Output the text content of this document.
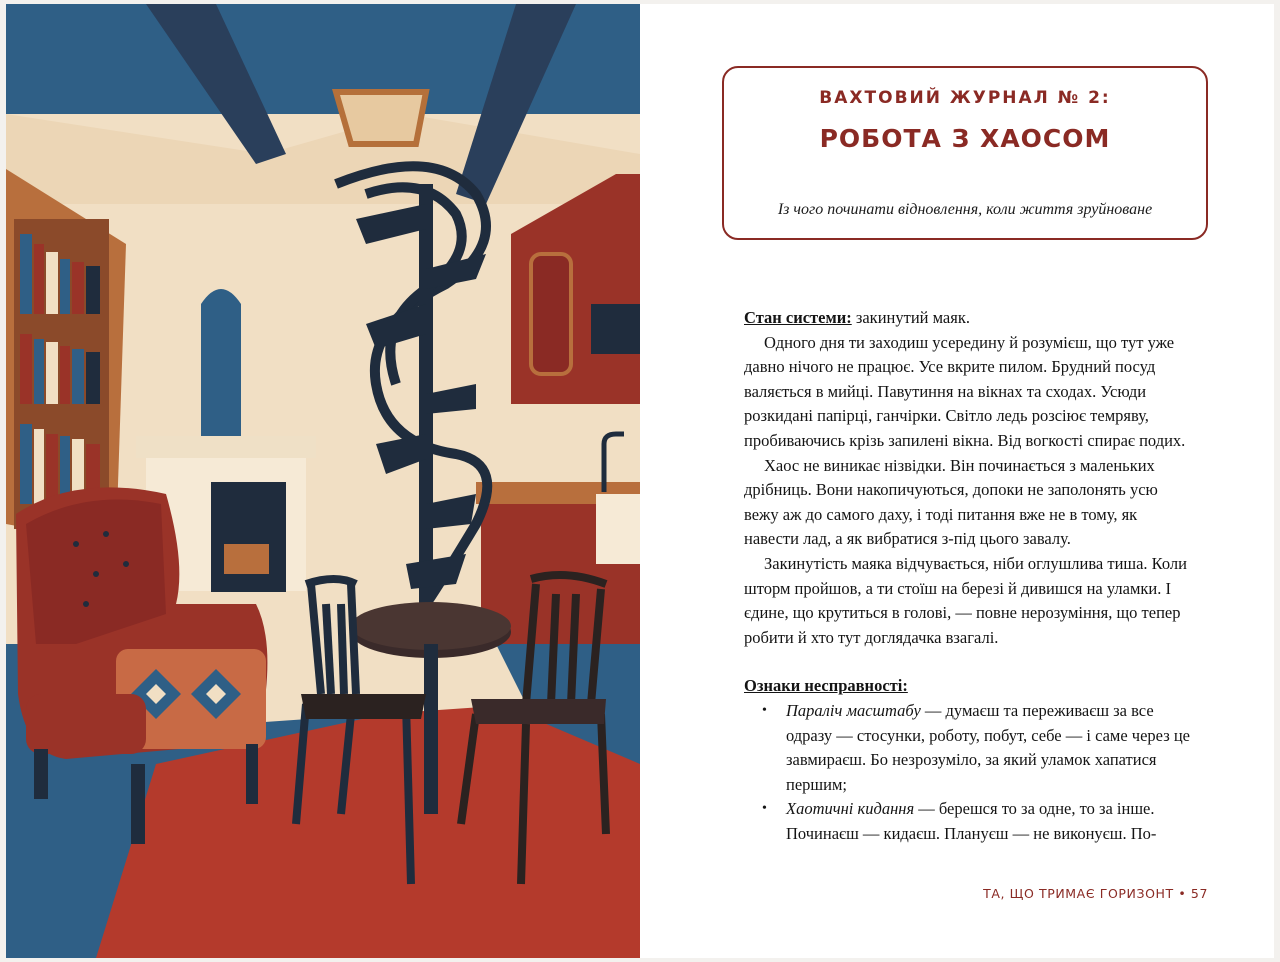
ВАХТОВИЙ ЖУРНАЛ № 2:
РОБОТА З ХАОСОМ
Із чого починати відновлення, коли життя зруйноване

Стан системи: закинутий маяк.

Одного дня ти заходиш усередину й розумієш, що тут уже давно нічого не працює. Усе вкрите пилом. Брудний посуд валяється в мийці. Павутиння на вікнах та сходах. Усюди розкидані папірці, ганчірки. Світло ледь розсіює темряву, пробиваючись крізь запилені вікна. Від вогкості спирає подих.

Хаос не виникає нізвідки. Він починається з маленьких дрібниць. Вони накопичуються, допоки не заполонять усю вежу аж до самого даху, і тоді питання вже не в тому, як навести лад, а як вибратися з-під цього завалу.

Закинутість маяка відчувається, ніби оглушлива тиша. Коли шторм пройшов, а ти стоїш на березі й дивишся на уламки. І єдине, що крутиться в голові, — повне нерозуміння, що тепер робити й хто тут доглядачка взагалі.

Ознаки несправності:

• Параліч масштабу — думаєш та переживаєш за все одразу — стосунки, роботу, побут, себе — і саме через це завмираєш. Бо незрозуміло, за який уламок хапатися першим;
• Хаотичні кидання — берешся то за одне, то за інше. Починаєш — кидаєш. Плануєш — не виконуєш. По-
ТА, ЩО ТРИМАЄ ГОРИЗОНТ • 57
